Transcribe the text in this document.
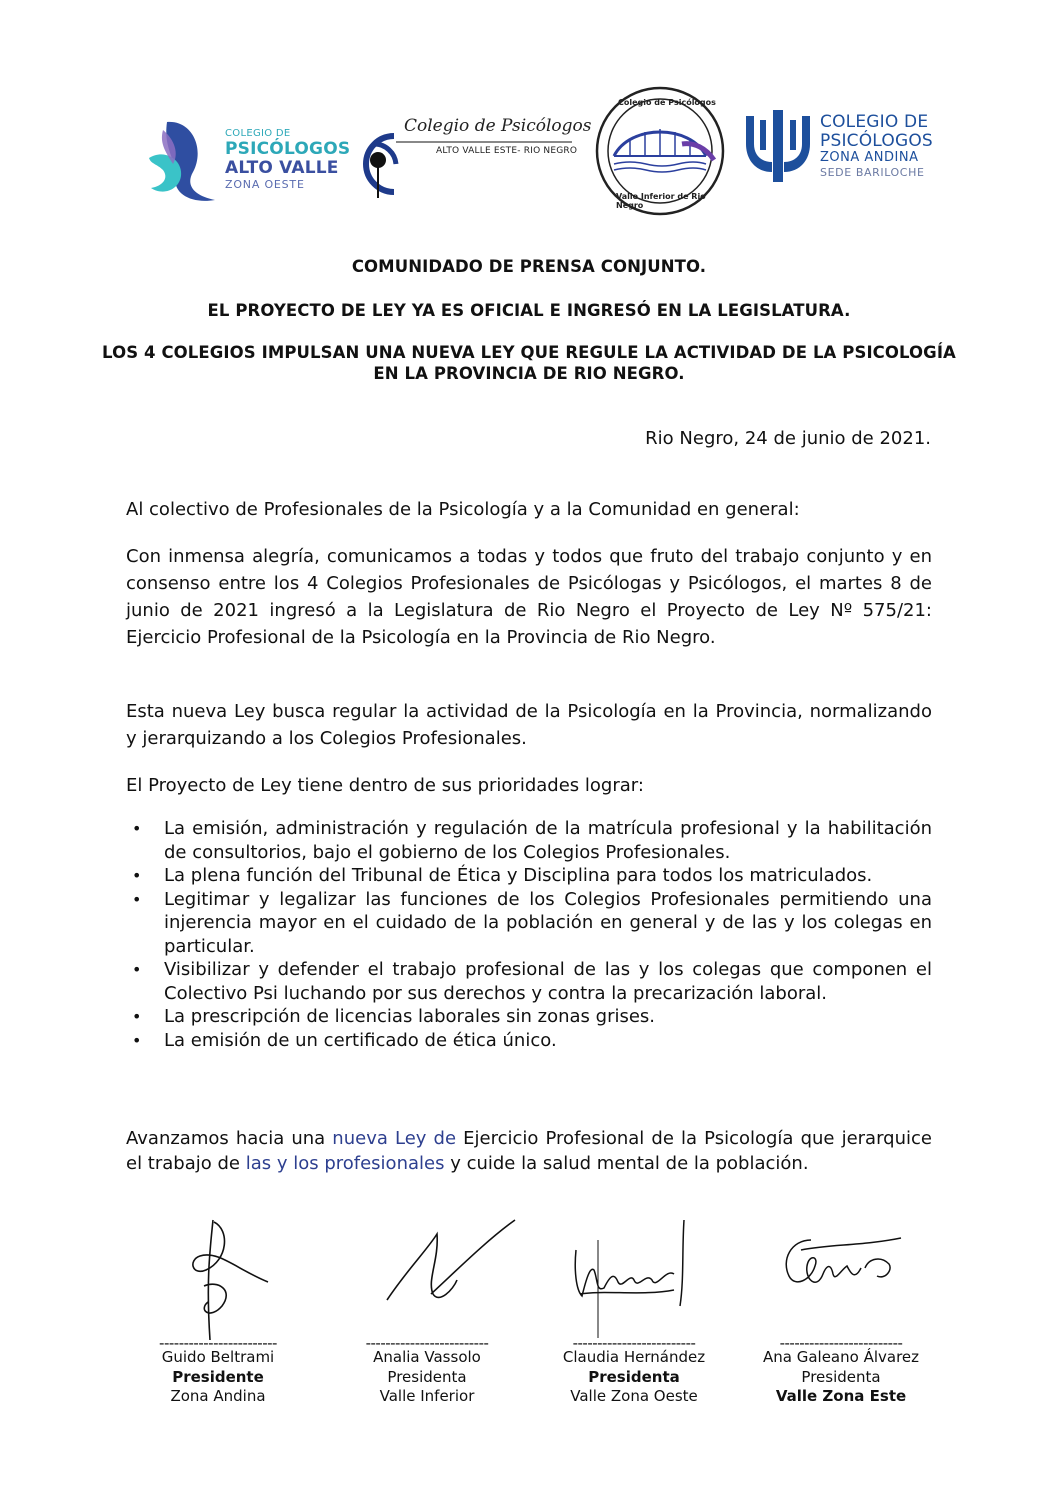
COLEGIO DE
PSICÓLOGOS
ALTO VALLE
ZONA OESTE
Colegio de Psicólogos
ALTO VALLE ESTE- RIO NEGRO
Colegio de Psicólogos
Valle Inferior de Rio Negro
COLEGIO DE
PSICÓLOGOS
ZONA ANDINA
SEDE BARILOCHE
COMUNIDADO DE PRENSA CONJUNTO.
EL PROYECTO DE LEY YA ES OFICIAL E INGRESÓ EN LA LEGISLATURA.
LOS 4 COLEGIOS IMPULSAN UNA NUEVA LEY QUE REGULE LA ACTIVIDAD DE LA PSICOLOGÍA EN LA PROVINCIA DE RIO NEGRO.
Rio Negro, 24 de junio de 2021.
Al colectivo de Profesionales de la Psicología y a la Comunidad en general:
Con inmensa alegría, comunicamos a todas y todos que fruto del trabajo conjunto y en consenso entre los 4 Colegios Profesionales de Psicólogas y Psicólogos, el martes 8 de junio de 2021 ingresó a la Legislatura de Rio Negro el Proyecto de Ley Nº 575/21: Ejercicio Profesional de la Psicología en la Provincia de Rio Negro.
Esta nueva Ley busca regular la actividad de la Psicología en la Provincia, normalizando y jerarquizando a los Colegios Profesionales.
El Proyecto de Ley tiene dentro de sus prioridades lograr:
• La emisión, administración y regulación de la matrícula profesional y la habilitación de consultorios, bajo el gobierno de los Colegios Profesionales.
• La plena función del Tribunal de Ética y Disciplina para todos los matriculados.
• Legitimar y legalizar las funciones de los Colegios Profesionales permitiendo una injerencia mayor en el cuidado de la población en general y de las y los colegas en particular.
• Visibilizar y defender el trabajo profesional de las y los colegas que componen el Colectivo Psi luchando por sus derechos y contra la precarización laboral.
• La prescripción de licencias laborales sin zonas grises.
• La emisión de un certificado de ética único.
Avanzamos hacia una nueva Ley de Ejercicio Profesional de la Psicología que jerarquice el trabajo de las y los profesionales y cuide la salud mental de la población.
------------------------
Guido Beltrami
Presidente
Zona Andina
-------------------------
Analia Vassolo
Presidenta
Valle Inferior
-------------------------
Claudia Hernández
Presidenta
Valle Zona Oeste
-------------------------
Ana Galeano Álvarez
Presidenta
Valle Zona Este
